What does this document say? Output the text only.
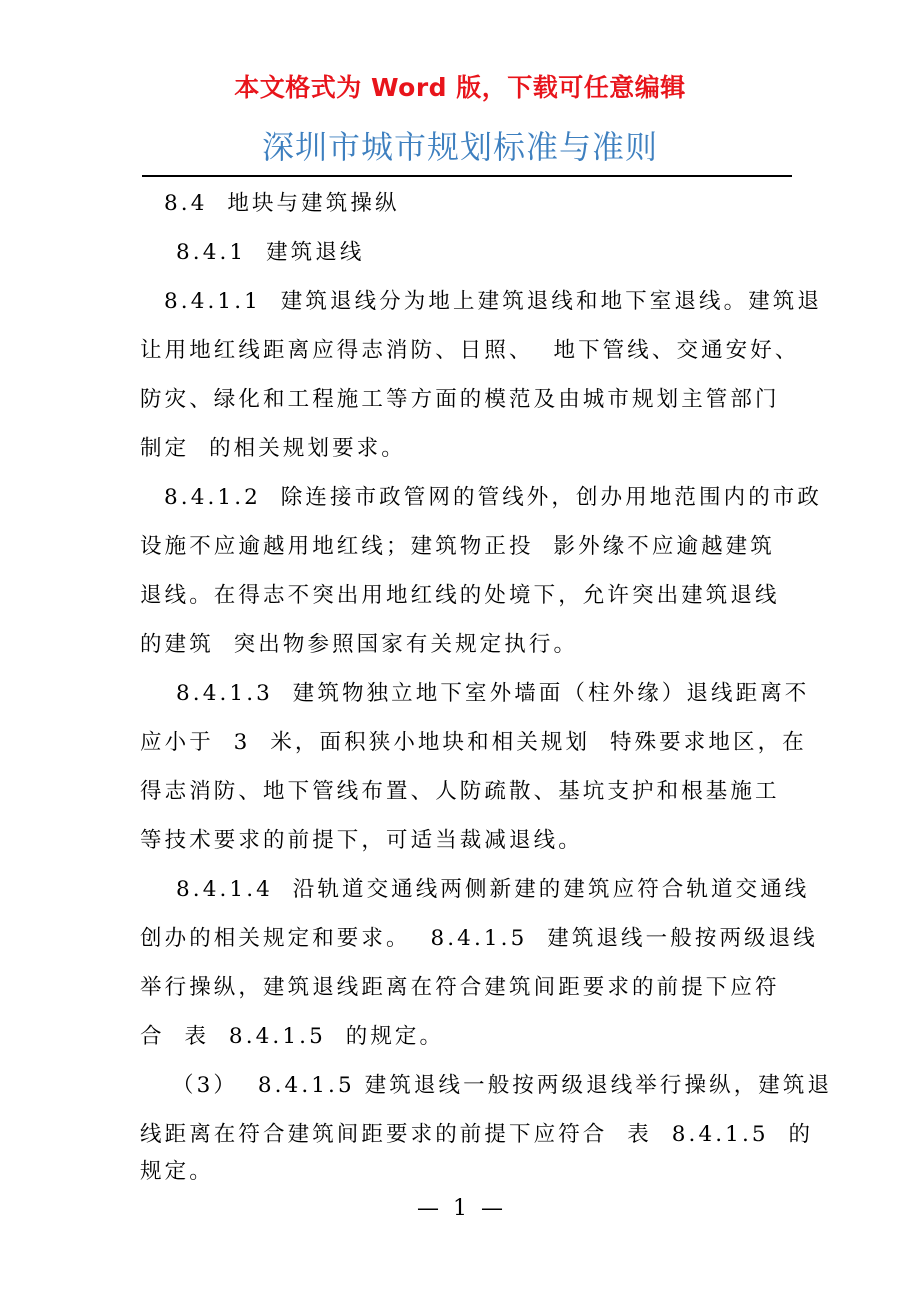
本文格式为 Word 版，下载可任意编辑
深圳市城市规划标准与准则
8.4  地块与建筑操纵
8.4.1  建筑退线
8.4.1.1  建筑退线分为地上建筑退线和地下室退线。建筑退
让用地红线距离应得志消防、日照、  地下管线、交通安好、
防灾、绿化和工程施工等方面的模范及由城市规划主管部门
制定  的相关规划要求。
8.4.1.2  除连接市政管网的管线外，创办用地范围内的市政
设施不应逾越用地红线；建筑物正投  影外缘不应逾越建筑
退线。在得志不突出用地红线的处境下，允许突出建筑退线
的建筑  突出物参照国家有关规定执行。
8.4.1.3  建筑物独立地下室外墙面（柱外缘）退线距离不
应小于  3  米，面积狭小地块和相关规划  特殊要求地区，在
得志消防、地下管线布置、人防疏散、基坑支护和根基施工
等技术要求的前提下，可适当裁减退线。
8.4.1.4  沿轨道交通线两侧新建的建筑应符合轨道交通线
创办的相关规定和要求。  8.4.1.5  建筑退线一般按两级退线
举行操纵，建筑退线距离在符合建筑间距要求的前提下应符
合  表  8.4.1.5  的规定。
（3）  8.4.1.5 建筑退线一般按两级退线举行操纵，建筑退
线距离在符合建筑间距要求的前提下应符合  表  8.4.1.5  的
规定。
—  1  —
